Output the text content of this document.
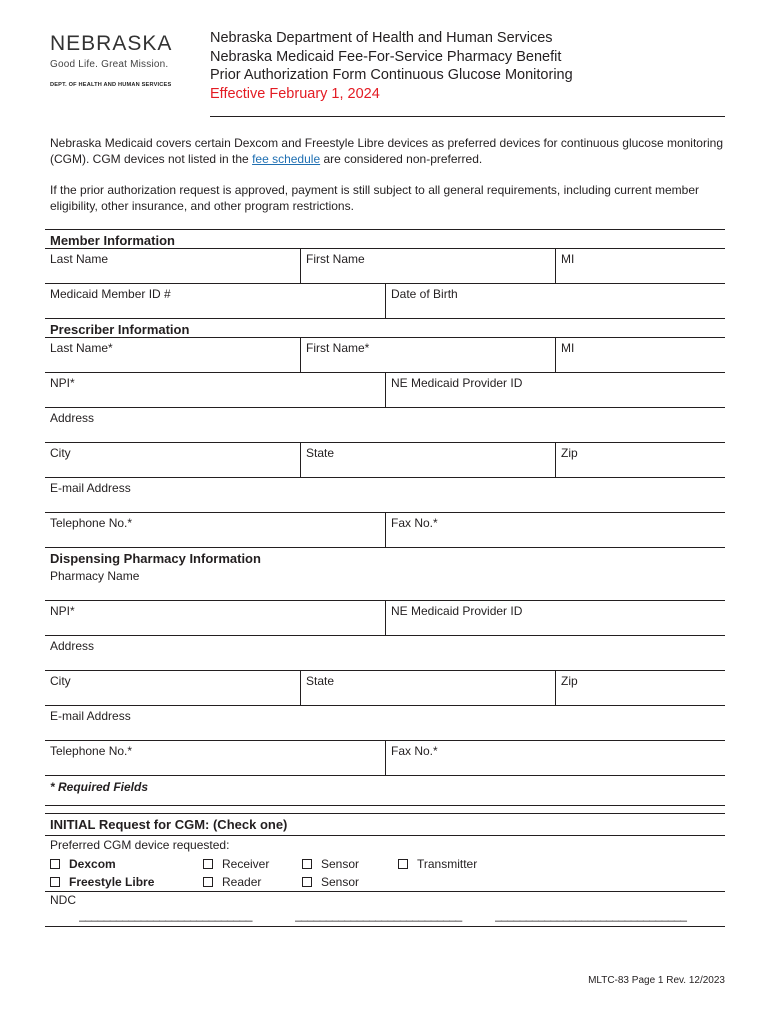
NEBRASKA
Good Life. Great Mission.
DEPT. OF HEALTH AND HUMAN SERVICES
Nebraska Department of Health and Human Services
Nebraska Medicaid Fee-For-Service Pharmacy Benefit
Prior Authorization Form Continuous Glucose Monitoring
Effective February 1, 2024

Nebraska Medicaid covers certain Dexcom and Freestyle Libre devices as preferred devices for continuous glucose monitoring (CGM). CGM devices not listed in the fee schedule are considered non-preferred.

If the prior authorization request is approved, payment is still subject to all general requirements, including current member eligibility, other insurance, and other program restrictions.

Member Information
Last Name	First Name	MI
Medicaid Member ID #	Date of Birth
Prescriber Information
Last Name*	First Name*	MI
NPI*	NE Medicaid Provider ID
Address
City	State	Zip
E-mail Address
Telephone No.*	Fax No.*
Dispensing Pharmacy Information
Pharmacy Name
NPI*	NE Medicaid Provider ID
Address
City	State	Zip
E-mail Address
Telephone No.*	Fax No.*
* Required Fields
INITIAL Request for CGM: (Check one)
Preferred CGM device requested:
Dexcom	Receiver	Sensor	Transmitter
Freestyle Libre	Reader	Sensor
NDC
____________________________	___________________________	_______________________________
MLTC-83 Page 1 Rev. 12/2023
